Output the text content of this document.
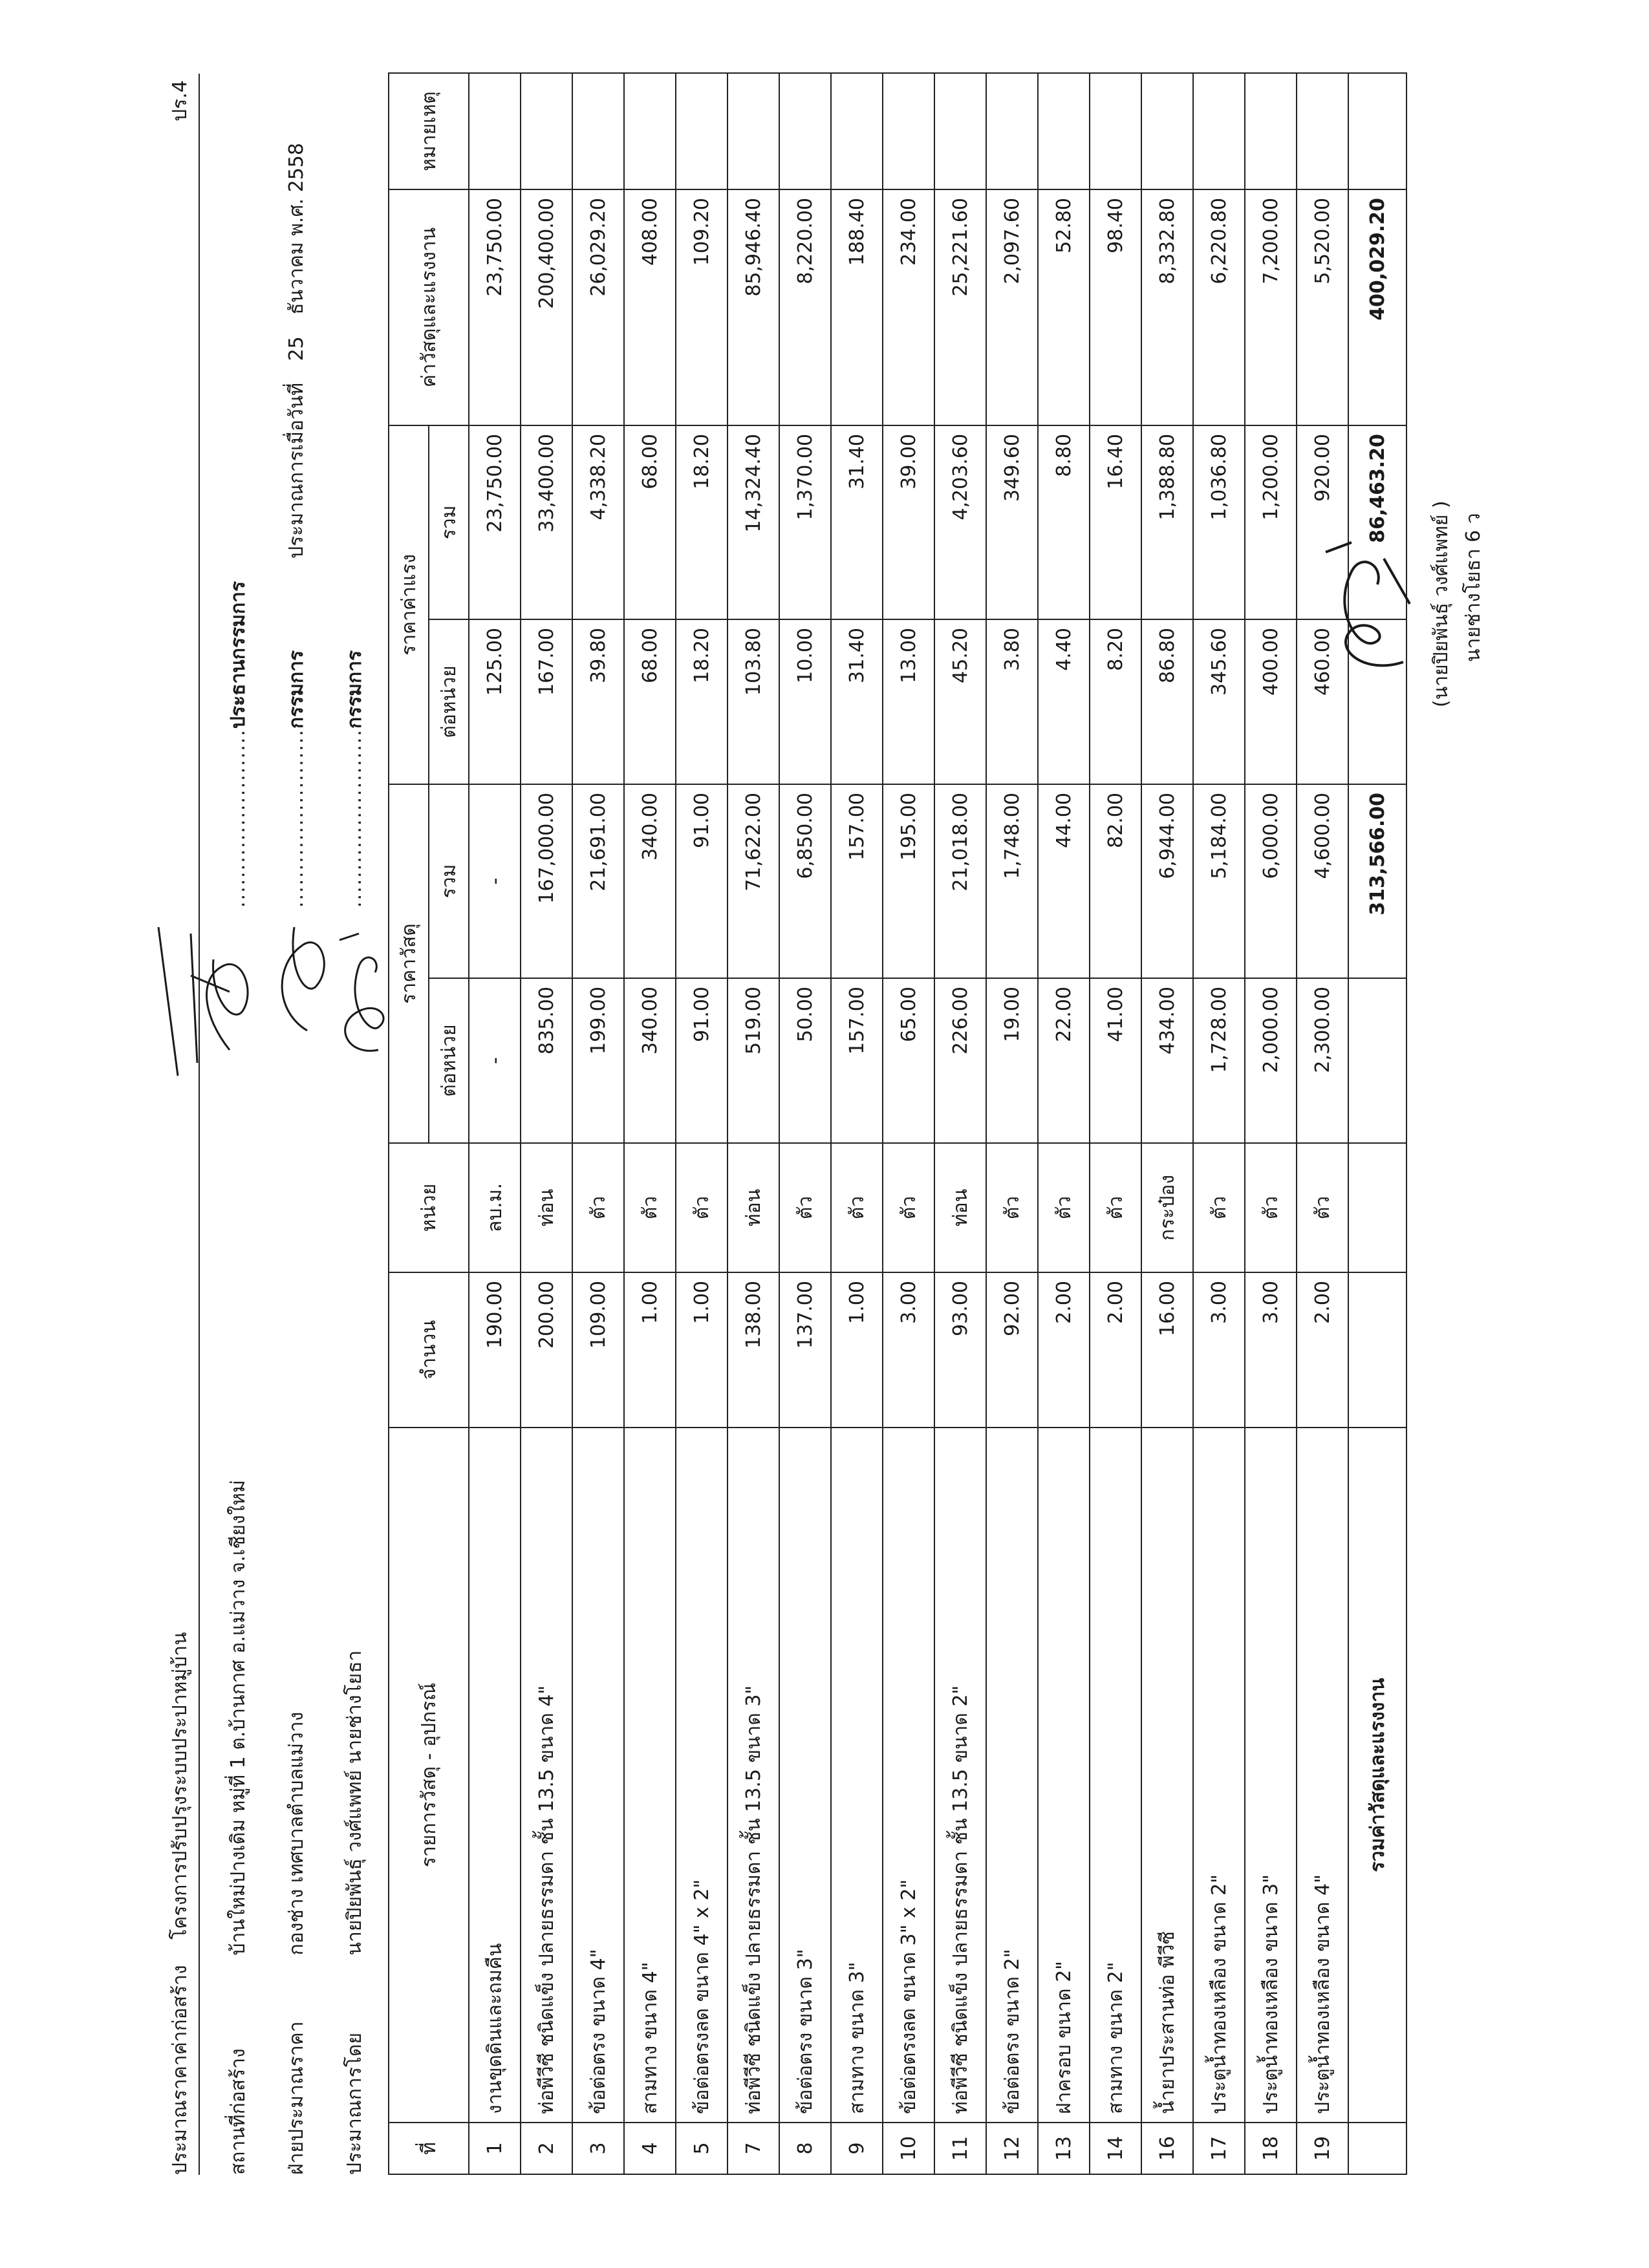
ปร.4
ประมาณราคาค่าก่อสร้าง โครงการปรับปรุงระบบประปาหมู่บ้าน
สถานที่ก่อสร้าง บ้านใหม่ปางเดิม หมู่ที่ 1 ต.บ้านกาศ อ.แม่วาง จ.เชียงใหม่
ฝ่ายประมาณราคา กองช่าง เทศบาลตำบลแม่วาง
ประมาณการโดย นายปิยพันธุ์ วงศ์แพทย์ นายช่างโยธา
........................ประธานกรรมการ
........................กรรมการ
........................กรรมการ
ประมาณการเมื่อวันที่ 25 ธันวาคม พ.ศ. 2558
ที่	รายการวัสดุ - อุปกรณ์	จำนวน	หน่วย	ราคาวัสดุ		ราคาค่าแรง		ค่าวัสดุและแรงงาน	หมายเหตุ
				ต่อหน่วย	รวม	ต่อหน่วย	รวม		
1	งานขุดดินและถมคืน	190.00	ลบ.ม.	-	-	125.00	23,750.00	23,750.00	
2	ท่อพีวีซี ชนิดแข็ง ปลายธรรมดา ชั้น 13.5 ขนาด 4"	200.00	ท่อน	835.00	167,000.00	167.00	33,400.00	200,400.00	
3	ข้อต่อตรง ขนาด 4"	109.00	ตัว	199.00	21,691.00	39.80	4,338.20	26,029.20	
4	สามทาง ขนาด 4"	1.00	ตัว	340.00	340.00	68.00	68.00	408.00	
5	ข้อต่อตรงลด ขนาด 4" x 2"	1.00	ตัว	91.00	91.00	18.20	18.20	109.20	
7	ท่อพีวีซี ชนิดแข็ง ปลายธรรมดา ชั้น 13.5 ขนาด 3"	138.00	ท่อน	519.00	71,622.00	103.80	14,324.40	85,946.40	
8	ข้อต่อตรง ขนาด 3"	137.00	ตัว	50.00	6,850.00	10.00	1,370.00	8,220.00	
9	สามทาง ขนาด 3"	1.00	ตัว	157.00	157.00	31.40	31.40	188.40	
10	ข้อต่อตรงลด ขนาด 3" x 2"	3.00	ตัว	65.00	195.00	13.00	39.00	234.00	
11	ท่อพีวีซี ชนิดแข็ง ปลายธรรมดา ชั้น 13.5 ขนาด 2"	93.00	ท่อน	226.00	21,018.00	45.20	4,203.60	25,221.60	
12	ข้อต่อตรง ขนาด 2"	92.00	ตัว	19.00	1,748.00	3.80	349.60	2,097.60	
13	ฝาครอบ ขนาด 2"	2.00	ตัว	22.00	44.00	4.40	8.80	52.80	
14	สามทาง ขนาด 2"	2.00	ตัว	41.00	82.00	8.20	16.40	98.40	
16	น้ำยาประสานท่อ พีวีซี	16.00	กระป๋อง	434.00	6,944.00	86.80	1,388.80	8,332.80	
17	ประตูน้ำทองเหลือง ขนาด 2"	3.00	ตัว	1,728.00	5,184.00	345.60	1,036.80	6,220.80	
18	ประตูน้ำทองเหลือง ขนาด 3"	3.00	ตัว	2,000.00	6,000.00	400.00	1,200.00	7,200.00	
19	ประตูน้ำทองเหลือง ขนาด 4"	2.00	ตัว	2,300.00	4,600.00	460.00	920.00	5,520.00	
	รวมค่าวัสดุและแรงงาน				313,566.00		86,463.20	400,029.20	
(นายปิยพันธุ์ วงศ์แพทย์ ) นายช่างโยธา 6 ว
